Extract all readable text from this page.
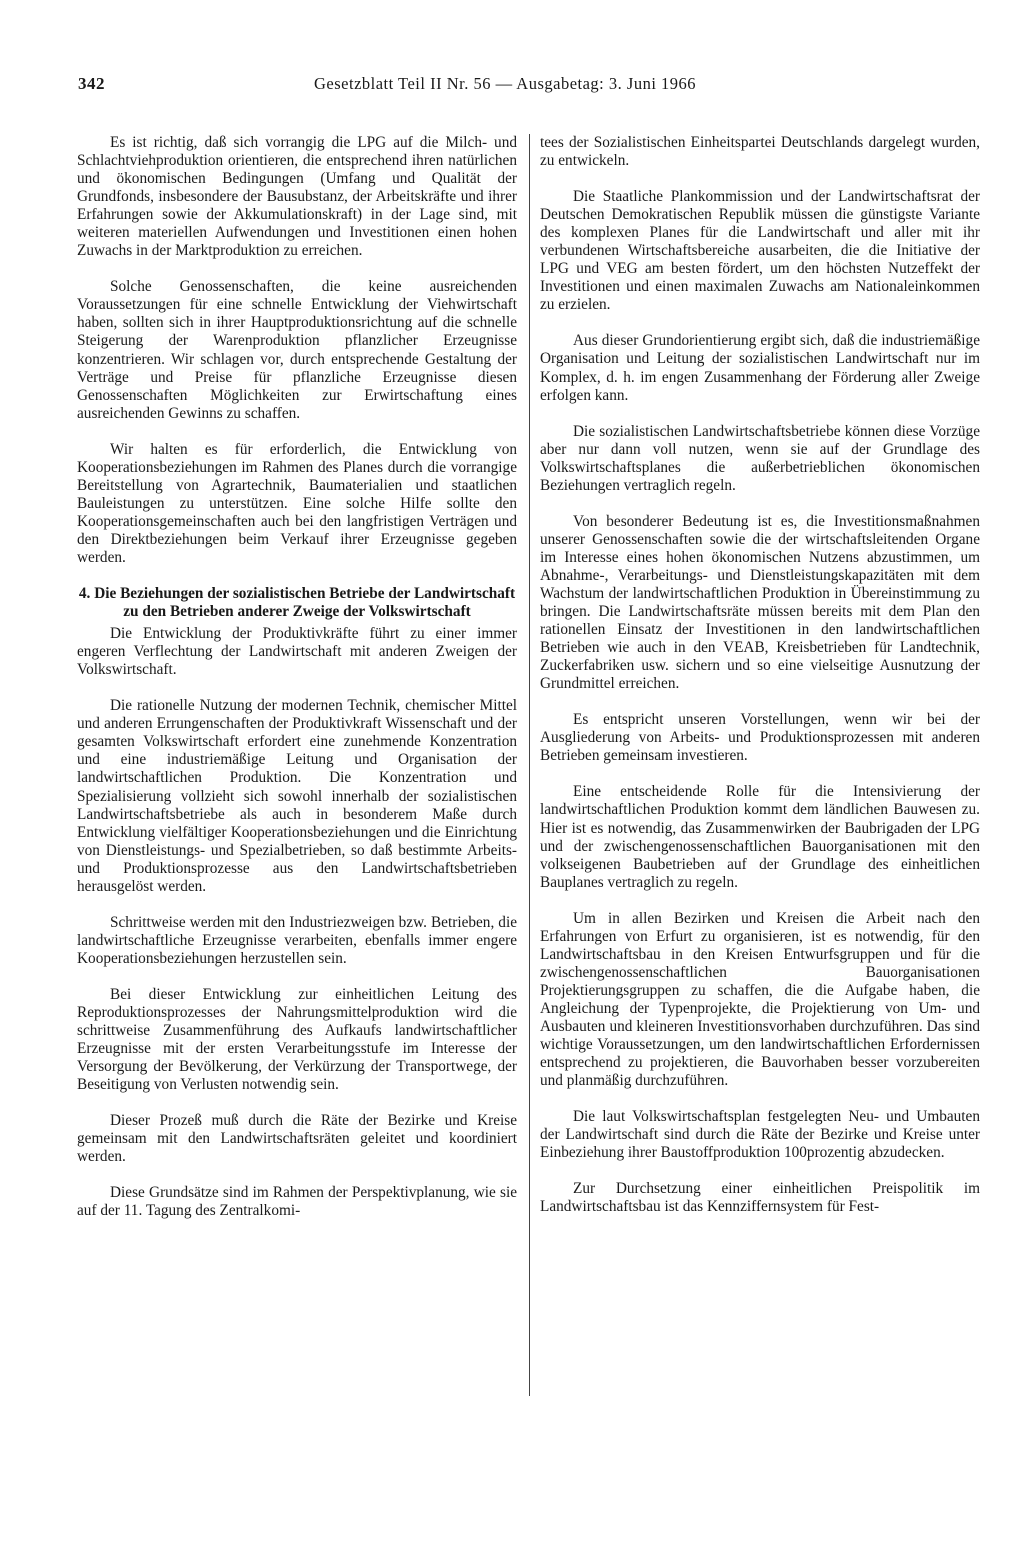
342	Gesetzblatt Teil II Nr. 56 — Ausgabetag: 3. Juni 1966

Es ist richtig, daß sich vorrangig die LPG auf die Milch- und Schlachtviehproduktion orientieren, die entsprechend ihren natürlichen und ökonomischen Bedingungen (Umfang und Qualität der Grundfonds, insbesondere der Bausubstanz, der Arbeitskräfte und ihrer Erfahrungen sowie der Akkumulationskraft) in der Lage sind, mit weiteren materiellen Aufwendungen und Investitionen einen hohen Zuwachs in der Marktproduktion zu erreichen.

Solche Genossenschaften, die keine ausreichenden Voraussetzungen für eine schnelle Entwicklung der Viehwirtschaft haben, sollten sich in ihrer Hauptproduktionsrichtung auf die schnelle Steigerung der Warenproduktion pflanzlicher Erzeugnisse konzentrieren. Wir schlagen vor, durch entsprechende Gestaltung der Verträge und Preise für pflanzliche Erzeugnisse diesen Genossenschaften Möglichkeiten zur Erwirtschaftung eines ausreichenden Gewinns zu schaffen.

Wir halten es für erforderlich, die Entwicklung von Kooperationsbeziehungen im Rahmen des Planes durch die vorrangige Bereitstellung von Agrartechnik, Baumaterialien und staatlichen Bauleistungen zu unterstützen. Eine solche Hilfe sollte den Kooperationsgemeinschaften auch bei den langfristigen Verträgen und den Direktbeziehungen beim Verkauf ihrer Erzeugnisse gegeben werden.

4. Die Beziehungen der sozialistischen Betriebe der Landwirtschaft zu den Betrieben anderer Zweige der Volkswirtschaft

Die Entwicklung der Produktivkräfte führt zu einer immer engeren Verflechtung der Landwirtschaft mit anderen Zweigen der Volkswirtschaft.

Die rationelle Nutzung der modernen Technik, chemischer Mittel und anderen Errungenschaften der Produktivkraft Wissenschaft und der gesamten Volkswirtschaft erfordert eine zunehmende Konzentration und eine industriemäßige Leitung und Organisation der landwirtschaftlichen Produktion. Die Konzentration und Spezialisierung vollzieht sich sowohl innerhalb der sozialistischen Landwirtschaftsbetriebe als auch in besonderem Maße durch Entwicklung vielfältiger Kooperationsbeziehungen und die Einrichtung von Dienstleistungs- und Spezialbetrieben, so daß bestimmte Arbeits- und Produktionsprozesse aus den Landwirtschaftsbetrieben herausgelöst werden.

Schrittweise werden mit den Industriezweigen bzw. Betrieben, die landwirtschaftliche Erzeugnisse verarbeiten, ebenfalls immer engere Kooperationsbeziehungen herzustellen sein.

Bei dieser Entwicklung zur einheitlichen Leitung des Reproduktionsprozesses der Nahrungsmittelproduktion wird die schrittweise Zusammenführung des Aufkaufs landwirtschaftlicher Erzeugnisse mit der ersten Verarbeitungsstufe im Interesse der Versorgung der Bevölkerung, der Verkürzung der Transportwege, der Beseitigung von Verlusten notwendig sein.

Dieser Prozeß muß durch die Räte der Bezirke und Kreise gemeinsam mit den Landwirtschaftsräten geleitet und koordiniert werden.

Diese Grundsätze sind im Rahmen der Perspektivplanung, wie sie auf der 11. Tagung des Zentralkomi-

tees der Sozialistischen Einheitspartei Deutschlands dargelegt wurden, zu entwickeln.

Die Staatliche Plankommission und der Landwirtschaftsrat der Deutschen Demokratischen Republik müssen die günstigste Variante des komplexen Planes für die Landwirtschaft und aller mit ihr verbundenen Wirtschaftsbereiche ausarbeiten, die die Initiative der LPG und VEG am besten fördert, um den höchsten Nutzeffekt der Investitionen und einen maximalen Zuwachs am Nationaleinkommen zu erzielen.

Aus dieser Grundorientierung ergibt sich, daß die industriemäßige Organisation und Leitung der sozialistischen Landwirtschaft nur im Komplex, d. h. im engen Zusammenhang der Förderung aller Zweige erfolgen kann.

Die sozialistischen Landwirtschaftsbetriebe können diese Vorzüge aber nur dann voll nutzen, wenn sie auf der Grundlage des Volkswirtschaftsplanes die außerbetrieblichen ökonomischen Beziehungen vertraglich regeln.

Von besonderer Bedeutung ist es, die Investitionsmaßnahmen unserer Genossenschaften sowie die der wirtschaftsleitenden Organe im Interesse eines hohen ökonomischen Nutzens abzustimmen, um Abnahme-, Verarbeitungs- und Dienstleistungskapazitäten mit dem Wachstum der landwirtschaftlichen Produktion in Übereinstimmung zu bringen. Die Landwirtschaftsräte müssen bereits mit dem Plan den rationellen Einsatz der Investitionen in den landwirtschaftlichen Betrieben wie auch in den VEAB, Kreisbetrieben für Landtechnik, Zuckerfabriken usw. sichern und so eine vielseitige Ausnutzung der Grundmittel erreichen.

Es entspricht unseren Vorstellungen, wenn wir bei der Ausgliederung von Arbeits- und Produktionsprozessen mit anderen Betrieben gemeinsam investieren.

Eine entscheidende Rolle für die Intensivierung der landwirtschaftlichen Produktion kommt dem ländlichen Bauwesen zu. Hier ist es notwendig, das Zusammenwirken der Baubrigaden der LPG und der zwischengenossenschaftlichen Bauorganisationen mit den volkseigenen Baubetrieben auf der Grundlage des einheitlichen Bauplanes vertraglich zu regeln.

Um in allen Bezirken und Kreisen die Arbeit nach den Erfahrungen von Erfurt zu organisieren, ist es notwendig, für den Landwirtschaftsbau in den Kreisen Entwurfsgruppen und für die zwischengenossenschaftlichen Bauorganisationen Projektierungsgruppen zu schaffen, die die Aufgabe haben, die Angleichung der Typenprojekte, die Projektierung von Um- und Ausbauten und kleineren Investitionsvorhaben durchzuführen. Das sind wichtige Voraussetzungen, um den landwirtschaftlichen Erfordernissen entsprechend zu projektieren, die Bauvorhaben besser vorzubereiten und planmäßig durchzuführen.

Die laut Volkswirtschaftsplan festgelegten Neu- und Umbauten der Landwirtschaft sind durch die Räte der Bezirke und Kreise unter Einbeziehung ihrer Baustoffproduktion 100prozentig abzudecken.

Zur Durchsetzung einer einheitlichen Preispolitik im Landwirtschaftsbau ist das Kennziffernsystem für Fest-
